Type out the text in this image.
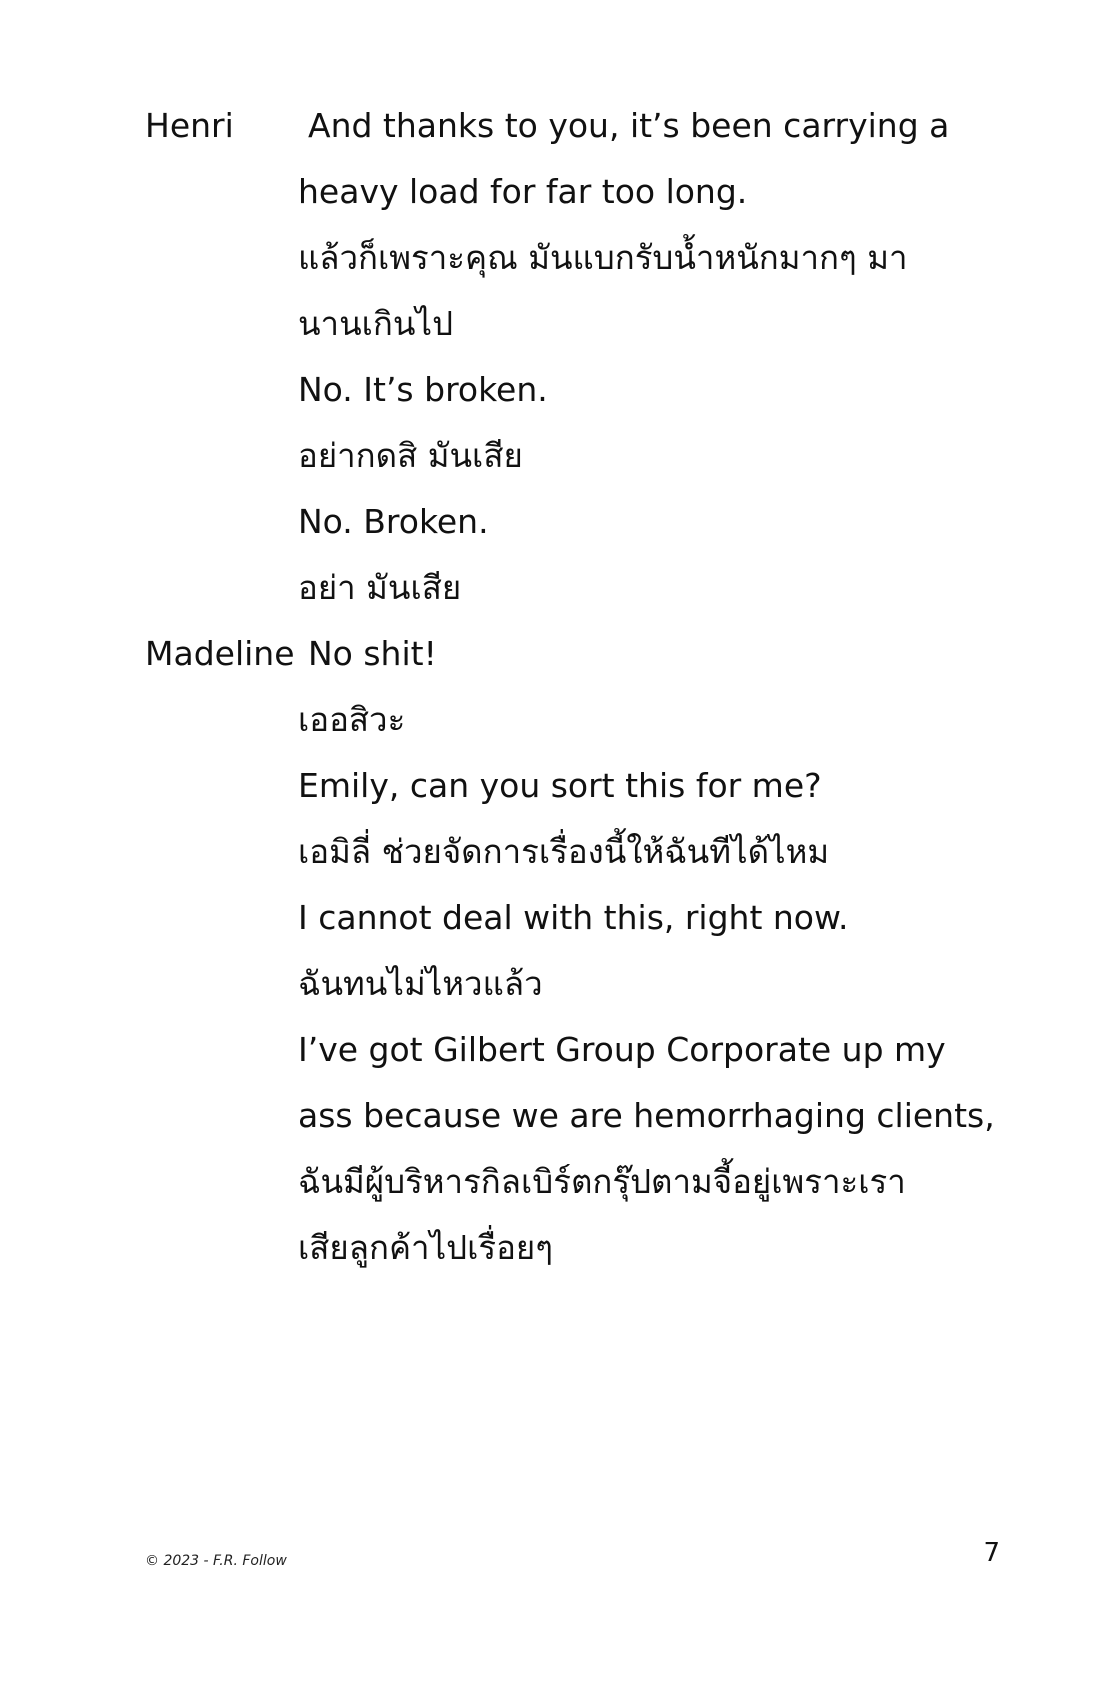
Henri And thanks to you, it’s been carrying a
heavy load for far too long.
แล้วก็เพราะคุณ มันแบกรับน้ำหนักมากๆ มา
นานเกินไป
No. It’s broken.
อย่ากดสิ มันเสีย
No. Broken.
อย่า มันเสีย
Madeline No shit!
เออสิวะ
Emily, can you sort this for me?
เอมิลี่ ช่วยจัดการเรื่องนี้ให้ฉันทีได้ไหม
I cannot deal with this, right now.
ฉันทนไม่ไหวแล้ว
I’ve got Gilbert Group Corporate up my
ass because we are hemorrhaging clients,
ฉันมีผู้บริหารกิลเบิร์ตกรุ๊ปตามจี้อยู่เพราะเรา
เสียลูกค้าไปเรื่อยๆ
© 2023 - F.R. Follow	7
